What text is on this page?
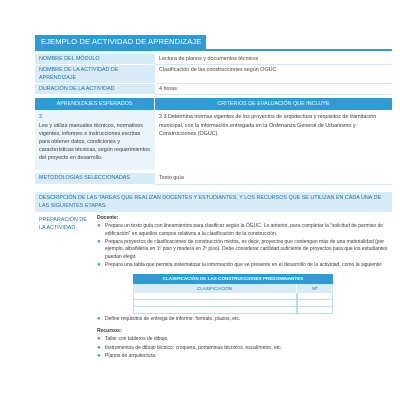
EJEMPLO DE ACTIVIDAD DE APRENDIZAJE
NOMBRE DEL MÓDULO	Lectura de planos y documentos técnicos
NOMBRE DE LA ACTIVIDAD DE APRENDIZAJE
Clasificación de las construcciones según OGUC
DURACIÓN DE LA ACTIVIDAD	4 horas
APRENDIZAJES ESPERADOS	CRITERIOS DE EVALUACIÓN QUE INCLUYE
2.
Lee y utiliza manuales técnicos, normativos vigentes, informes e instrucciones escritas para obtener datos, condiciones y características técnicas, según requerimientos del proyecto en desarrollo.
2.3 Determina normas vigentes de los proyectos de arquitectura y requisitos de tramitación municipal, con la información entregada en la Ordenanza General de Urbanismo y Construcciones (OGUC).
METODOLOGÍAS SELECCIONADAS	Texto guía
DESCRIPCIÓN DE LAS TAREAS QUE REALIZAN DOCENTES Y ESTUDIANTES, Y LOS RECURSOS QUE SE UTILIZAN EN CADA UNA DE LAS SIGUIENTES ETAPAS:
PREPARACIÓN DE LA ACTIVIDAD
Docente:
● Prepara un texto guía con lineamientos para clasificar según la OGUC. Lo anterior, para completar la "solicitud de permiso de edificación" en aquellos campos relativos a la clasificación de la construcción.
● Prepara proyectos de clasificaciones de construcción mixtos, es decir, proyectos que contengan más de una materialidad (por ejemplo, albañilería en 1º piso y madera en 2º piso). Debe considerar cantidad suficiente de proyectos para que los estudiantes puedan elegir.
● Prepara una tabla que permita sistematizar la información que se presente en el desarrollo de la actividad, como la siguiente:
CLASIFICACIÓN DE LAS CONSTRUCCIONES PREDOMINANTES
CLASIFICACIÓN	Mº
● Define requisitos de entrega de informe: formato, plazos, etc.
Recursos:
● Taller con tableros de dibujo.
● Instrumentos de dibujo técnico: croquera, portaminas técnicos, escalímetro, etc.
● Planos de arquitectura.
